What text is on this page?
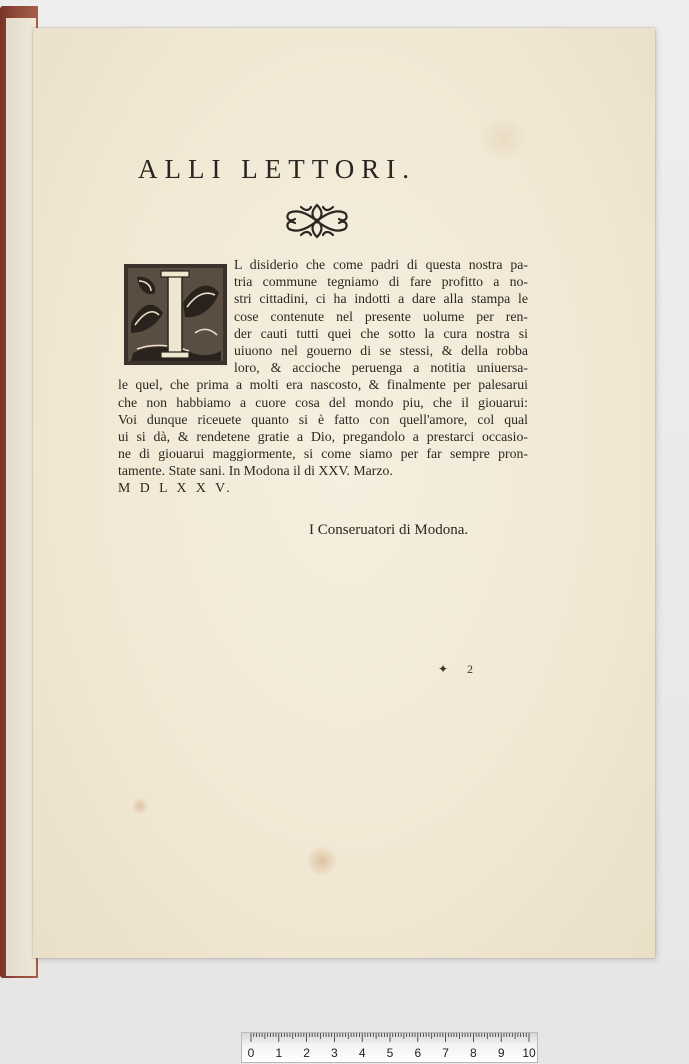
ALLI LETTORI.
I
L disiderio che come padri di questa nostra pa-
tria commune tegniamo di fare profitto a no-
stri cittadini, ci ha indotti a dare alla stampa le
cose contenute nel presente uolume per ren-
der cauti tutti quei che sotto la cura nostra si
uiuono nel gouerno di se stessi, & della robba
loro, & accioche peruenga a notitia uniuersa-
le quel, che prima a molti era nascosto, & finalmente per palesarui
che non habbiamo a cuore cosa del mondo piu, che il giouarui:
Voi dunque riceuete quanto si è fatto con quell'amore, col qual
ui si dà, & rendetene gratie a Dio, pregandolo a prestarci occasio-
ne di giouarui maggiormente, si come siamo per far sempre pron-
tamente. State sani. In Modona il di XXV. Marzo.
M D L X X V.
I Conseruatori di Modona.
✦ 2
0	1	2	3	4	5	6	7	8	9	10
